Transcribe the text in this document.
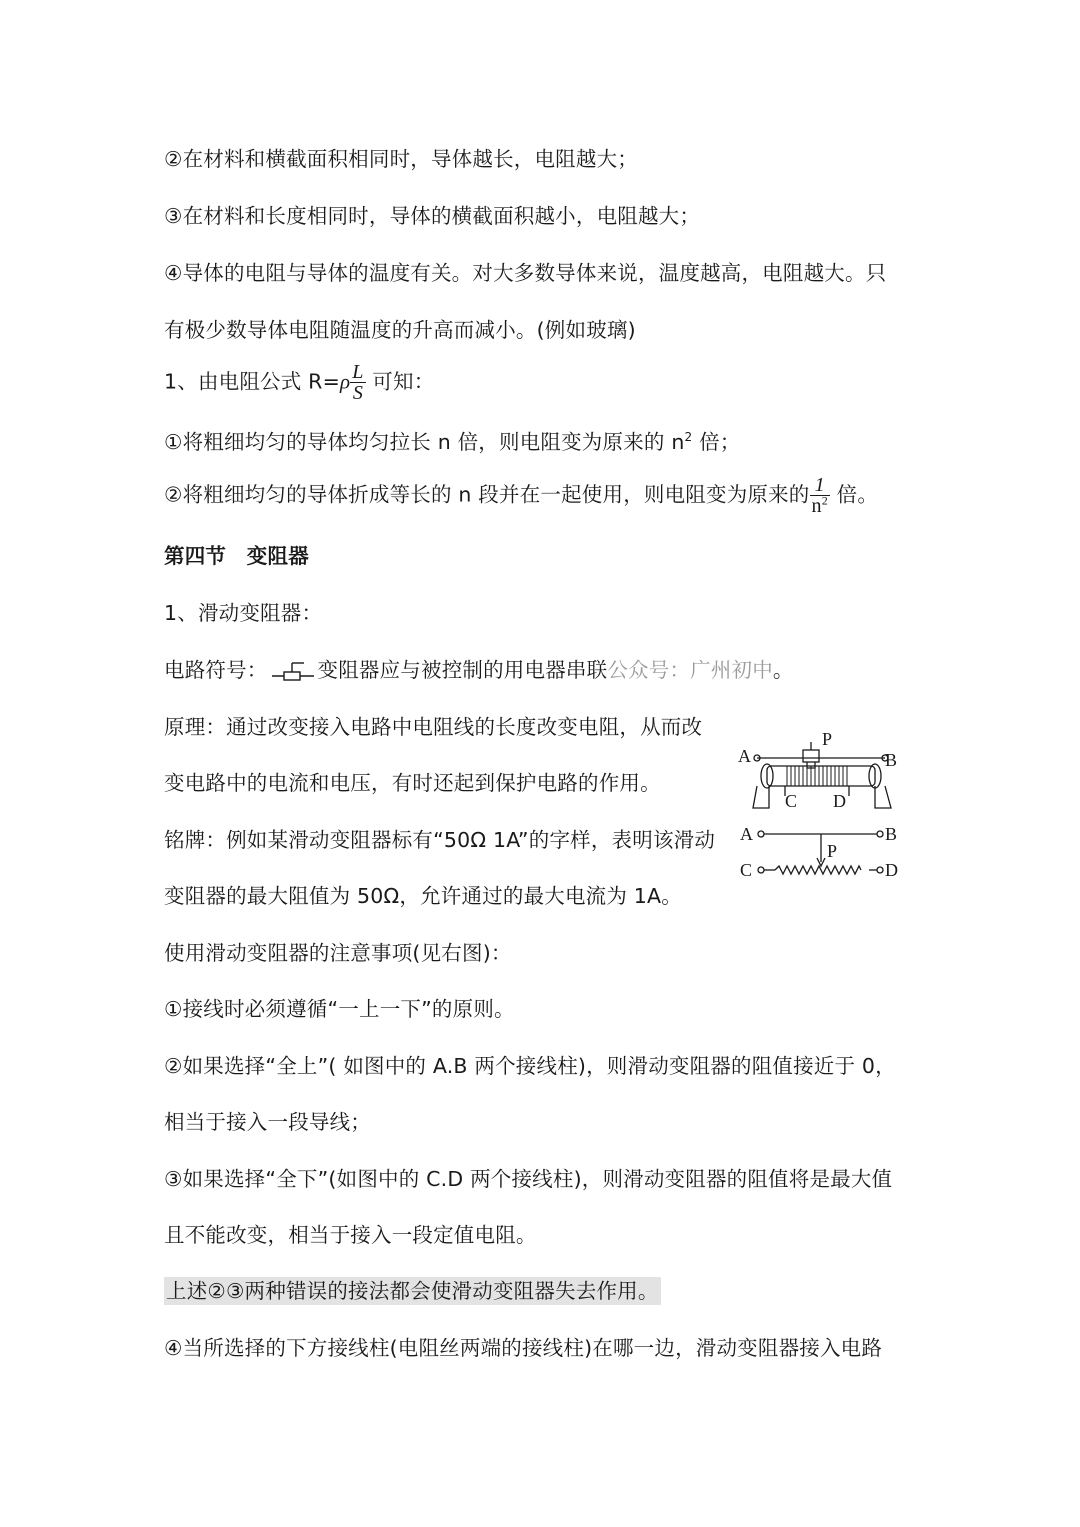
②在材料和横截面积相同时，导体越长，电阻越大；
③在材料和长度相同时，导体的横截面积越小，电阻越大；
④导体的电阻与导体的温度有关。对大多数导体来说，温度越高，电阻越大。只
有极少数导体电阻随温度的升高而减小。(例如玻璃)
1、由电阻公式 $R=\rho \frac{L}{S}$ 可知：
①将粗细均匀的导体均匀拉长 n 倍，则电阻变为原来的 $n^2$ 倍；
②将粗细均匀的导体折成等长的 n 段并在一起使用，则电阻变为原来的 $\frac{1}{n^2}$ 倍。
第四节　变阻器
1、滑动变阻器：
电路符号： 变阻器应与被控制的用电器串联公众号：广州初中。
原理：通过改变接入电路中电阻线的长度改变电阻，从而改
变电路中的电流和电压，有时还起到保护电路的作用。
铭牌：例如某滑动变阻器标有“50Ω 1A”的字样，表明该滑动
变阻器的最大阻值为 50Ω，允许通过的最大电流为 1A。
使用滑动变阻器的注意事项(见右图)：
①接线时必须遵循“一上一下”的原则。
②如果选择“全上”( 如图中的 A.B 两个接线柱)，则滑动变阻器的阻值接近于 0，
相当于接入一段导线；
③如果选择“全下”(如图中的 C.D 两个接线柱)，则滑动变阻器的阻值将是最大值
且不能改变，相当于接入一段定值电阻。
上述②③两种错误的接法都会使滑动变阻器失去作用。
④当所选择的下方接线柱(电阻丝两端的接线柱)在哪一边，滑动变阻器接入电路
A	B
P
C D
A	B
P
C	D
